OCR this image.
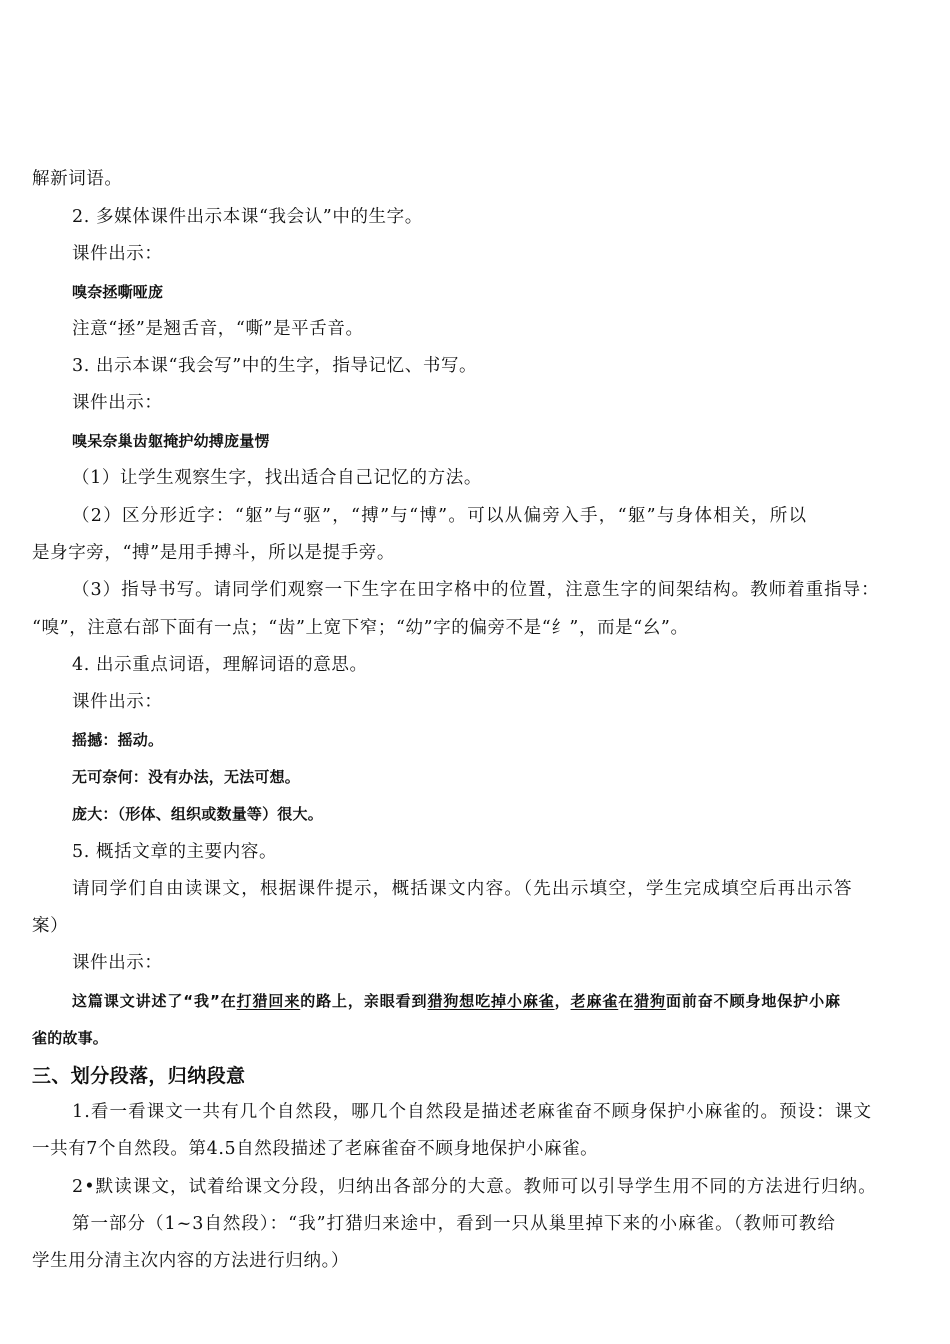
解新词语。
2. 多媒体课件出示本课“我会认”中的生字。
课件出示：
嗅奈拯嘶哑庞
注意“拯”是翘舌音，“嘶”是平舌音。
3. 出示本课“我会写”中的生字，指导记忆、书写。
课件出示：
嗅呆奈巢齿躯掩护幼搏庞量愣
（1）让学生观察生字，找出适合自己记忆的方法。
（2）区分形近字：“躯”与“驱”，“搏”与“博”。可以从偏旁入手，“躯”与身体相关，所以
是身字旁，“搏”是用手搏斗，所以是提手旁。
（3）指导书写。请同学们观察一下生字在田字格中的位置，注意生字的间架结构。教师着重指导：
“嗅”，注意右部下面有一点；“齿”上宽下窄；“幼”字的偏旁不是“纟”，而是“幺”。
4. 出示重点词语，理解词语的意思。
课件出示：
摇撼：摇动。
无可奈何：没有办法，无法可想。
庞大：（形体、组织或数量等）很大。
5. 概括文章的主要内容。
请同学们自由读课文，根据课件提示，概括课文内容。（先出示填空，学生完成填空后再出示答
案）
课件出示：
这篇课文讲述了“我”在打猎回来的路上，亲眼看到猎狗想吃掉小麻雀，老麻雀在猎狗面前奋不顾身地保护小麻
雀的故事。
三、划分段落，归纳段意
1.看一看课文一共有几个自然段，哪几个自然段是描述老麻雀奋不顾身保护小麻雀的。预设：课文
一共有7个自然段。第4.5自然段描述了老麻雀奋不顾身地保护小麻雀。
2•默读课文，试着给课文分段，归纳出各部分的大意。教师可以引导学生用不同的方法进行归纳。
第一部分（1~3自然段）：“我”打猎归来途中，看到一只从巢里掉下来的小麻雀。（教师可教给
学生用分清主次内容的方法进行归纳。）
